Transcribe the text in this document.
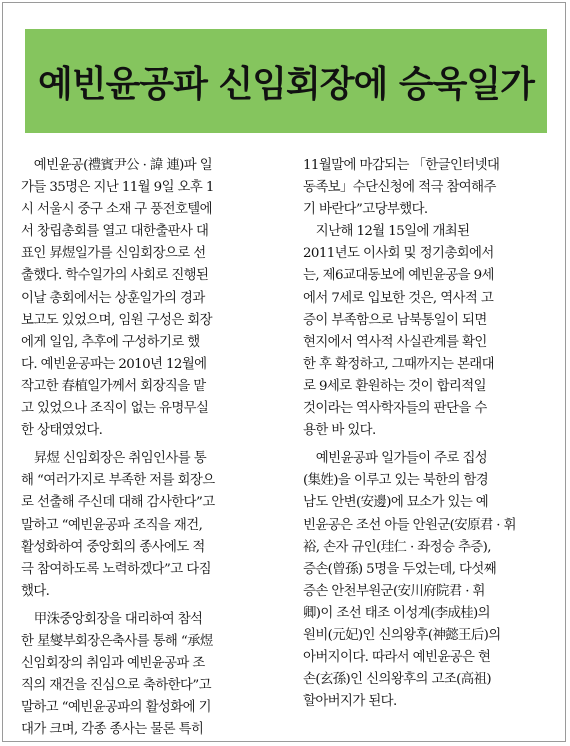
예빈윤공파 신임회장에 승욱일가
　예빈윤공(禮賓尹公 · 諱 連)파 일
가들 35명은 지난 11월 9일 오후 1
시 서울시 중구 소재 구 풍전호텔에
서 창립총회를 열고 대한출판사 대
표인 昇煜일가를 신임회장으로 선
출했다. 학수일가의 사회로 진행된
이날 총회에서는 상훈일가의 경과
보고도 있었으며, 임원 구성은 회장
에게 일임, 추후에 구성하기로 했
다. 예빈윤공파는 2010년 12월에
작고한 春植일가께서 회장직을 맡
고 있었으나 조직이 없는 유명무실
한 상태였었다.
　昇煜 신임회장은 취임인사를 통
해 “여러가지로 부족한 저를 회장으
로 선출해 주신데 대해 감사한다”고
말하고 “예빈윤공파 조직을 재건,
활성화하여 중앙회의 종사에도 적
극 참여하도록 노력하겠다”고 다짐
했다.
　甲洙중앙회장을 대리하여 참석
한 星燮부회장은축사를 통해 “承煜
신임회장의 취임과 예빈윤공파 조
직의 재건을 진심으로 축하한다”고
말하고 “예빈윤공파의 활성화에 기
대가 크며, 각종 종사는 물론 특히
11월말에 마감되는 「한글인터넷대
동족보」수단신청에 적극 참여해주
기 바란다”고당부했다.
　지난해 12월 15일에 개최된
2011년도 이사회 및 정기총회에서
는, 제6교대동보에 예빈윤공을 9세
에서 7세로 입보한 것은, 역사적 고
증이 부족함으로 남북통일이 되면
현지에서 역사적 사실관계를 확인
한 후 확정하고, 그때까지는 본래대
로 9세로 환원하는 것이 합리적일
것이라는 역사학자들의 판단을 수
용한 바 있다.
　예빈윤공파 일가들이 주로 집성
(集姓)을 이루고 있는 북한의 함경
남도 안변(安邊)에 묘소가 있는 예
빈윤공은 조선 아들 안원군(安原君 · 휘
裕, 손자 규인(珪仁 · 좌정승 추증),
증손(曾孫) 5명을 두었는데, 다섯째
증손 안천부원군(安川府院君 · 휘
卿)이 조선 태조 이성계(李成桂)의
원비(元妃)인 신의왕후(神懿王后)의
아버지이다. 따라서 예빈윤공은 현
손(玄孫)인 신의왕후의 고조(高祖)
할아버지가 된다.
